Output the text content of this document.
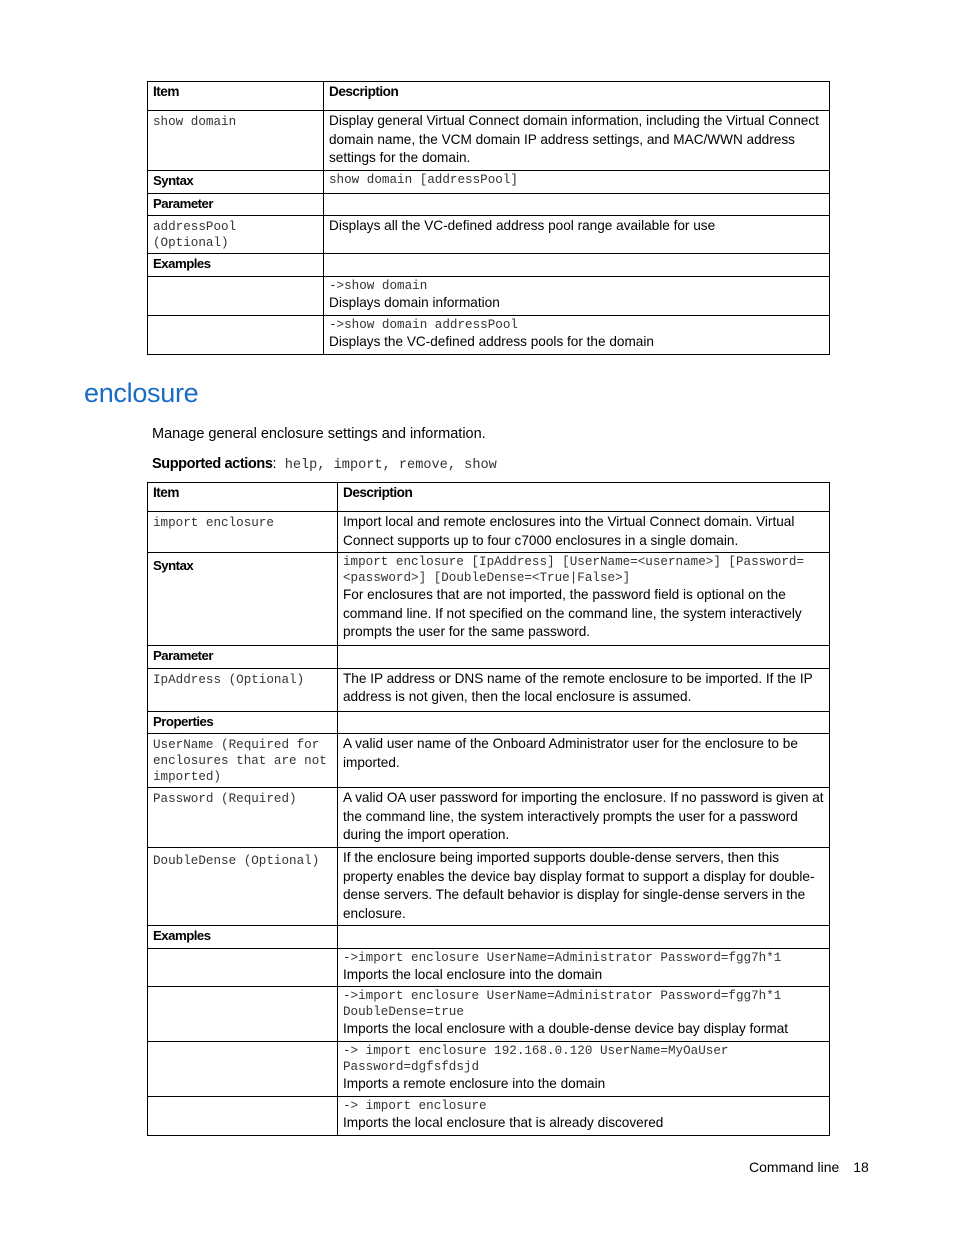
Item	Description

show domain	Display general Virtual Connect domain information, including the Virtual Connect domain name, the VCM domain IP address settings, and MAC/WWN address settings for the domain.
Syntax	show domain [addressPool]

Parameter	

addressPool (Optional)	Displays all the VC-defined address pool range available for use
Examples	

	->show domain
Displays domain information

	->show domain addressPool
Displays the VC-defined address pools for the domain
enclosure
Manage general enclosure settings and information.
Supported actions: help, import, remove, show
Item	Description

import enclosure	Import local and remote enclosures into the Virtual Connect domain. Virtual Connect supports up to four c7000 enclosures in a single domain.
Syntax	import enclosure [IpAddress] [UserName=<username>] [Password=<password>] [DoubleDense=<True|False>]
For enclosures that are not imported, the password field is optional on the command line. If not specified on the command line, the system interactively prompts the user for the same password.

Parameter	

IpAddress (Optional)	The IP address or DNS name of the remote enclosure to be imported. If the IP address is not given, then the local enclosure is assumed.
Properties	

UserName (Required for enclosures that are not imported)	A valid user name of the Onboard Administrator user for the enclosure to be imported.

Password (Required)	A valid OA user password for importing the enclosure. If no password is given at the command line, the system interactively prompts the user for a password during the import operation.

DoubleDense (Optional)	If the enclosure being imported supports double-dense servers, then this property enables the device bay display format to support a display for double-dense servers. The default behavior is display for single-dense servers in the enclosure.
Examples	

	->import enclosure UserName=Administrator Password=fgg7h*1
Imports the local enclosure into the domain

	->import enclosure UserName=Administrator Password=fgg7h*1 DoubleDense=true
Imports the local enclosure with a double-dense device bay display format

	-> import enclosure 192.168.0.120 UserName=MyOaUser Password=dgfsfdsjd
Imports a remote enclosure into the domain

	-> import enclosure
Imports the local enclosure that is already discovered
Command line 18
